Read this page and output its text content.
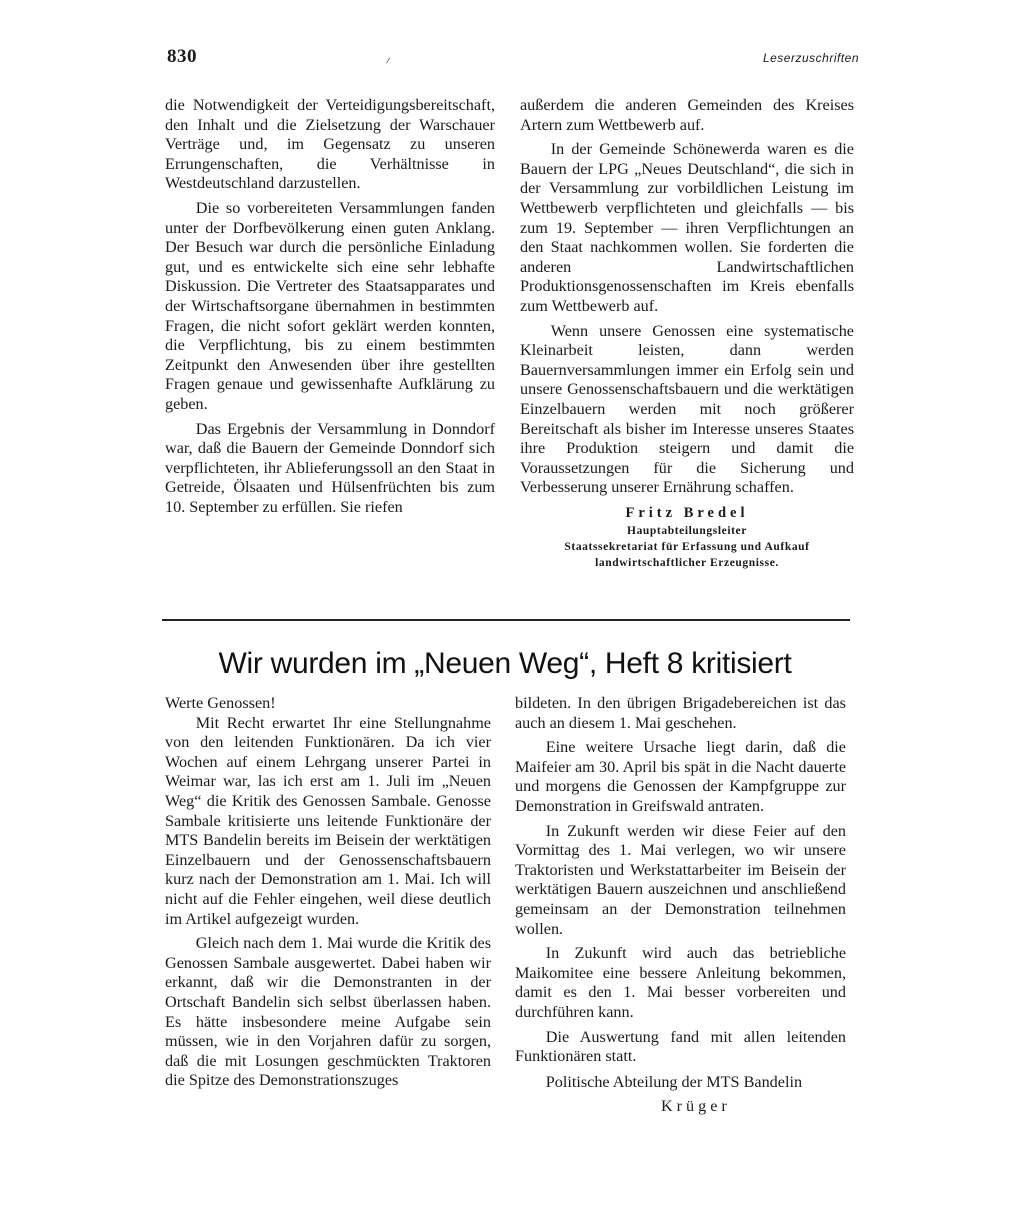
830	⸝	Leserzuschriften

die Notwendigkeit der Verteidigungsbereitschaft, den Inhalt und die Zielsetzung der Warschauer Verträge und, im Gegensatz zu unseren Errungenschaften, die Verhältnisse in Westdeutschland darzustellen.

Die so vorbereiteten Versammlungen fanden unter der Dorfbevölkerung einen guten Anklang. Der Besuch war durch die persönliche Einladung gut, und es entwickelte sich eine sehr lebhafte Diskussion. Die Vertreter des Staatsapparates und der Wirtschaftsorgane übernahmen in bestimmten Fragen, die nicht sofort geklärt werden konnten, die Verpflichtung, bis zu einem bestimmten Zeitpunkt den Anwesenden über ihre gestellten Fragen genaue und gewissenhafte Aufklärung zu geben.

Das Ergebnis der Versammlung in Donndorf war, daß die Bauern der Gemeinde Donndorf sich verpflichteten, ihr Ablieferungssoll an den Staat in Getreide, Ölsaaten und Hülsenfrüchten bis zum 10. September zu erfüllen. Sie riefen

außerdem die anderen Gemeinden des Kreises Artern zum Wettbewerb auf.

In der Gemeinde Schönewerda waren es die Bauern der LPG „Neues Deutschland“, die sich in der Versammlung zur vorbildlichen Leistung im Wettbewerb verpflichteten und gleichfalls — bis zum 19. September — ihren Verpflichtungen an den Staat nachkommen wollen. Sie forderten die anderen Landwirtschaftlichen Produktionsgenossenschaften im Kreis ebenfalls zum Wettbewerb auf.

Wenn unsere Genossen eine systematische Kleinarbeit leisten, dann werden Bauernversammlungen immer ein Erfolg sein und unsere Genossenschaftsbauern und die werktätigen Einzelbauern werden mit noch größerer Bereitschaft als bisher im Interesse unseres Staates ihre Produktion steigern und damit die Voraussetzungen für die Sicherung und Verbesserung unserer Ernährung schaffen.

Fritz Bredel
Hauptabteilungsleiter
Staatssekretariat für Erfassung und Aufkauf
landwirtschaftlicher Erzeugnisse.
Wir wurden im „Neuen Weg“, Heft 8 kritisiert

Werte Genossen!

Mit Recht erwartet Ihr eine Stellungnahme von den leitenden Funktionären. Da ich vier Wochen auf einem Lehrgang unserer Partei in Weimar war, las ich erst am 1. Juli im „Neuen Weg“ die Kritik des Genossen Sambale. Genosse Sambale kritisierte uns leitende Funktionäre der MTS Bandelin bereits im Beisein der werktätigen Einzelbauern und der Genossenschaftsbauern kurz nach der Demonstration am 1. Mai. Ich will nicht auf die Fehler eingehen, weil diese deutlich im Artikel aufgezeigt wurden.

Gleich nach dem 1. Mai wurde die Kritik des Genossen Sambale ausgewertet. Dabei haben wir erkannt, daß wir die Demonstranten in der Ortschaft Bandelin sich selbst überlassen haben. Es hätte insbesondere meine Aufgabe sein müssen, wie in den Vorjahren dafür zu sorgen, daß die mit Losungen geschmückten Traktoren die Spitze des Demonstrationszuges

bildeten. In den übrigen Brigadebereichen ist das auch an diesem 1. Mai geschehen.

Eine weitere Ursache liegt darin, daß die Maifeier am 30. April bis spät in die Nacht dauerte und morgens die Genossen der Kampfgruppe zur Demonstration in Greifswald antraten.

In Zukunft werden wir diese Feier auf den Vormittag des 1. Mai verlegen, wo wir unsere Traktoristen und Werkstattarbeiter im Beisein der werktätigen Bauern auszeichnen und anschließend gemeinsam an der Demonstration teilnehmen wollen.

In Zukunft wird auch das betriebliche Maikomitee eine bessere Anleitung bekommen, damit es den 1. Mai besser vorbereiten und durchführen kann.

Die Auswertung fand mit allen leitenden Funktionären statt.

Politische Abteilung der MTS Bandelin

Krüger
